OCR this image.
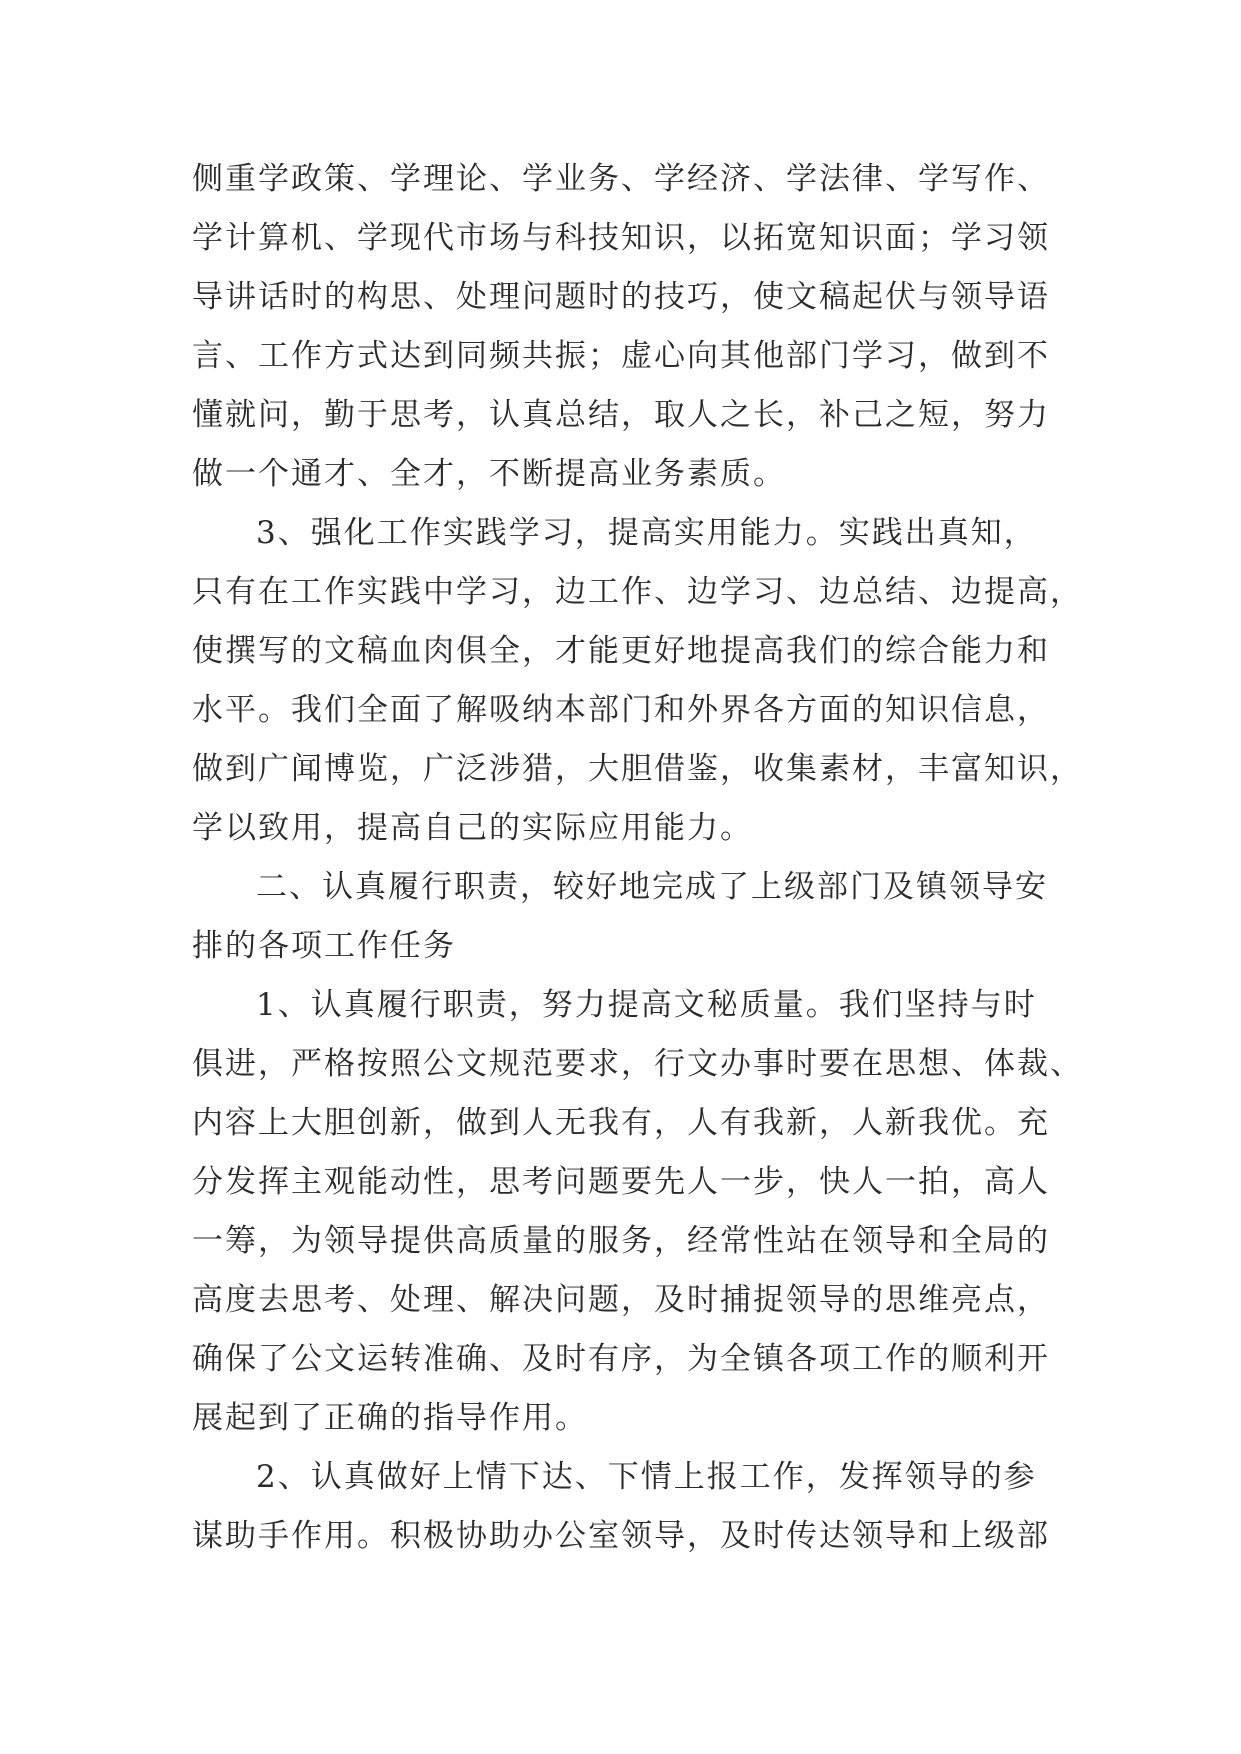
侧重学政策、学理论、学业务、学经济、学法律、学写作、
学计算机、学现代市场与科技知识，以拓宽知识面；学习领
导讲话时的构思、处理问题时的技巧，使文稿起伏与领导语
言、工作方式达到同频共振；虚心向其他部门学习，做到不
懂就问，勤于思考，认真总结，取人之长，补己之短，努力
做一个通才、全才，不断提高业务素质。
3、强化工作实践学习，提高实用能力。实践出真知，
只有在工作实践中学习，边工作、边学习、边总结、边提高，
使撰写的文稿血肉俱全，才能更好地提高我们的综合能力和
水平。我们全面了解吸纳本部门和外界各方面的知识信息，
做到广闻博览，广泛涉猎，大胆借鉴，收集素材，丰富知识，
学以致用，提高自己的实际应用能力。
二、认真履行职责，较好地完成了上级部门及镇领导安
排的各项工作任务
1、认真履行职责，努力提高文秘质量。我们坚持与时
俱进，严格按照公文规范要求，行文办事时要在思想、体裁、
内容上大胆创新，做到人无我有，人有我新，人新我优。充
分发挥主观能动性，思考问题要先人一步，快人一拍，高人
一筹，为领导提供高质量的服务，经常性站在领导和全局的
高度去思考、处理、解决问题，及时捕捉领导的思维亮点，
确保了公文运转准确、及时有序，为全镇各项工作的顺利开
展起到了正确的指导作用。
2、认真做好上情下达、下情上报工作，发挥领导的参
谋助手作用。积极协助办公室领导，及时传达领导和上级部
